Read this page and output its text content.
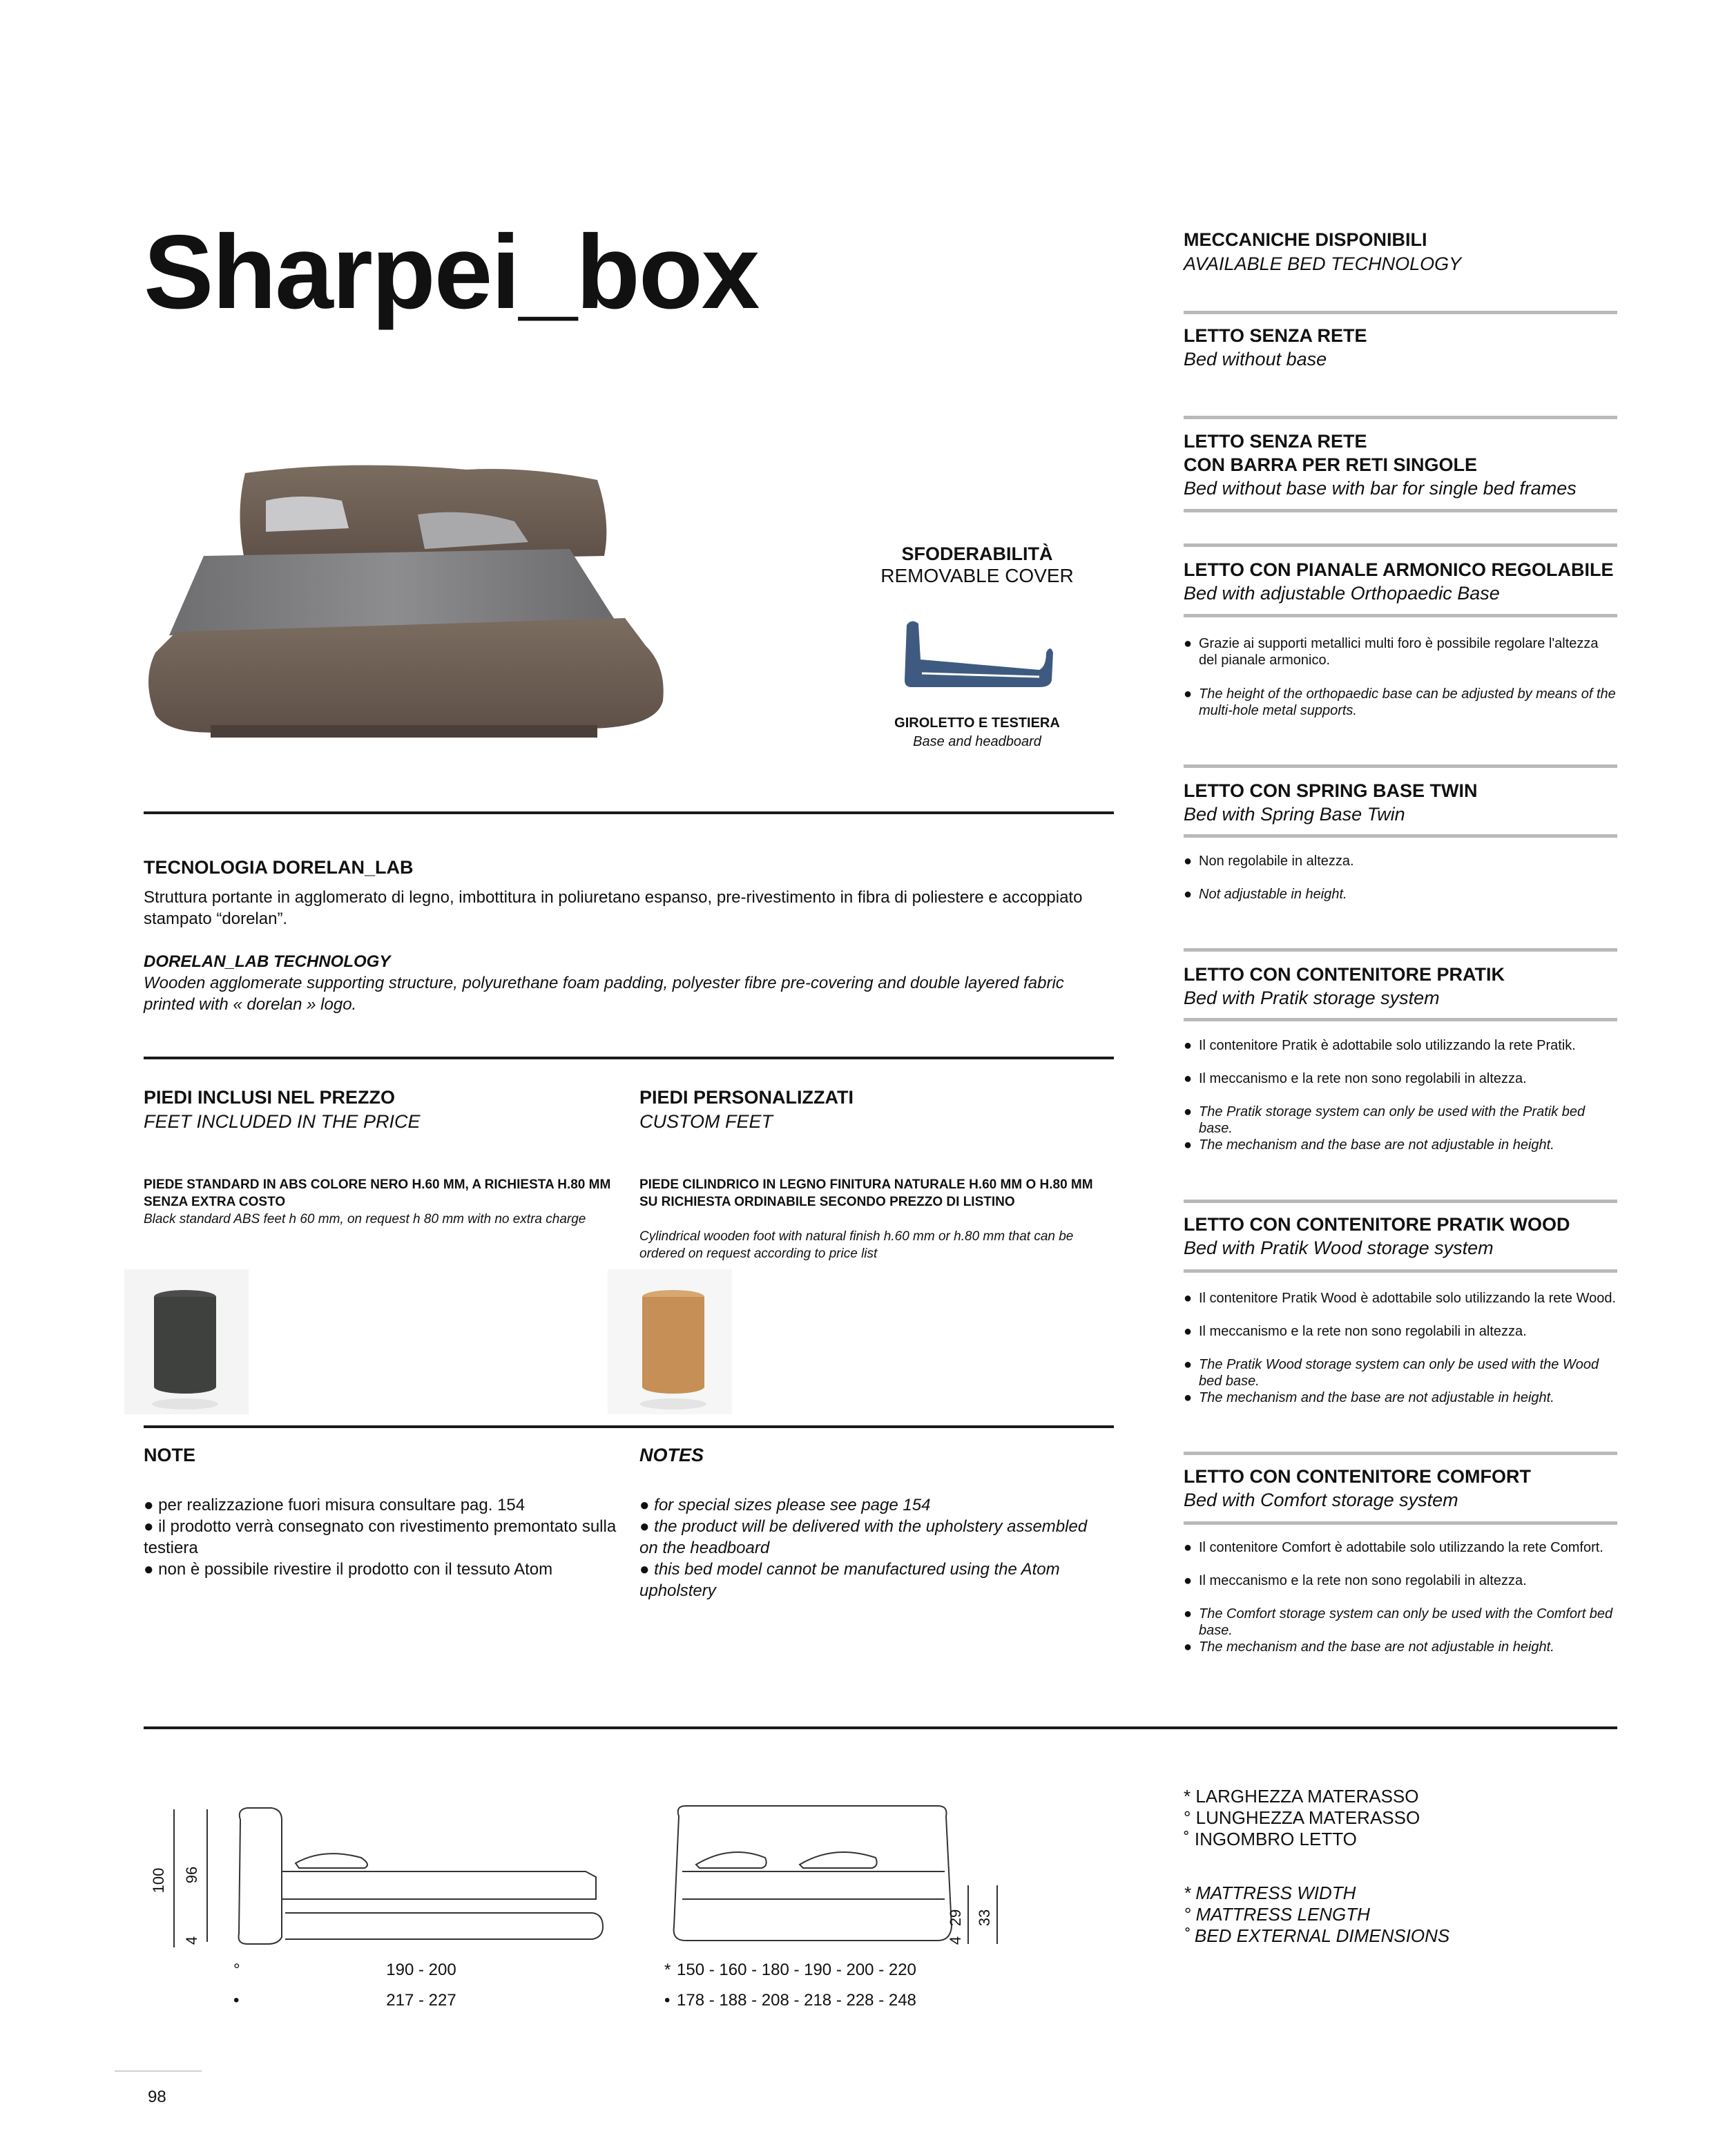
Sharpei_box
SFODERABILITÀ
REMOVABLE COVER
GIROLETTO E TESTIERA
Base and headboard
TECNOLOGIA DORELAN_LAB
Struttura portante in agglomerato di legno, imbottitura in poliuretano espanso, pre-rivestimento in fibra di poliestere e accoppiato stampato “dorelan”.
DORELAN_LAB TECHNOLOGY
Wooden agglomerate supporting structure, polyurethane foam padding, polyester fibre pre-covering and double layered fabric printed with « dorelan » logo.
PIEDI INCLUSI NEL PREZZO
FEET INCLUDED IN THE PRICE
PIEDE STANDARD IN ABS COLORE NERO H.60 MM, A RICHIESTA H.80 MM SENZA EXTRA COSTO
Black standard ABS feet h 60 mm, on request h 80 mm with no extra charge
PIEDI PERSONALIZZATI
CUSTOM FEET
PIEDE CILINDRICO IN LEGNO FINITURA NATURALE H.60 MM O H.80 MM SU RICHIESTA ORDINABILE SECONDO PREZZO DI LISTINO
Cylindrical wooden foot with natural finish h.60 mm or h.80 mm that can be ordered on request according to price list
NOTE
● per realizzazione fuori misura consultare pag. 154
● il prodotto verrà consegnato con rivestimento premontato sulla testiera
● non è possibile rivestire il prodotto con il tessuto Atom
NOTES
● for special sizes please see page 154
● the product will be delivered with the upholstery assembled on the headboard
● this bed model cannot be manufactured using the Atom upholstery
MECCANICHE DISPONIBILI
AVAILABLE BED TECHNOLOGY
LETTO SENZA RETE
Bed without base
LETTO SENZA RETE
CON BARRA PER RETI SINGOLE
Bed without base with bar for single bed frames
LETTO CON PIANALE ARMONICO REGOLABILE
Bed with adjustable Orthopaedic Base
● Grazie ai supporti metallici multi foro è possibile regolare l'altezza del pianale armonico.
● The height of the orthopaedic base can be adjusted by means of the multi-hole metal supports.
LETTO CON SPRING BASE TWIN
Bed with Spring Base Twin
● Non regolabile in altezza.
● Not adjustable in height.
LETTO CON CONTENITORE PRATIK
Bed with Pratik storage system
● Il contenitore Pratik è adottabile solo utilizzando la rete Pratik.
● Il meccanismo e la rete non sono regolabili in altezza.
● The Pratik storage system can only be used with the Pratik bed base.
● The mechanism and the base are not adjustable in height.
LETTO CON CONTENITORE PRATIK WOOD
Bed with Pratik Wood storage system
● Il contenitore Pratik Wood è adottabile solo utilizzando la rete Wood.
● Il meccanismo e la rete non sono regolabili in altezza.
● The Pratik Wood storage system can only be used with the Wood bed base.
● The mechanism and the base are not adjustable in height.
LETTO CON CONTENITORE COMFORT
Bed with Comfort storage system
● Il contenitore Comfort è adottabile solo utilizzando la rete Comfort.
● Il meccanismo e la rete non sono regolabili in altezza.
● The Comfort storage system can only be used with the Comfort bed base.
● The mechanism and the base are not adjustable in height.
100 96
4
29 33
4
°	190 - 200
•	217 - 227
* 150 - 160 - 180 - 190 - 200 - 220
• 178 - 188 - 208 - 218 - 228 - 248
* LARGHEZZA MATERASSO
° LUNGHEZZA MATERASSO
˚ INGOMBRO LETTO
* MATTRESS WIDTH
° MATTRESS LENGTH
˚ BED EXTERNAL DIMENSIONS
98
